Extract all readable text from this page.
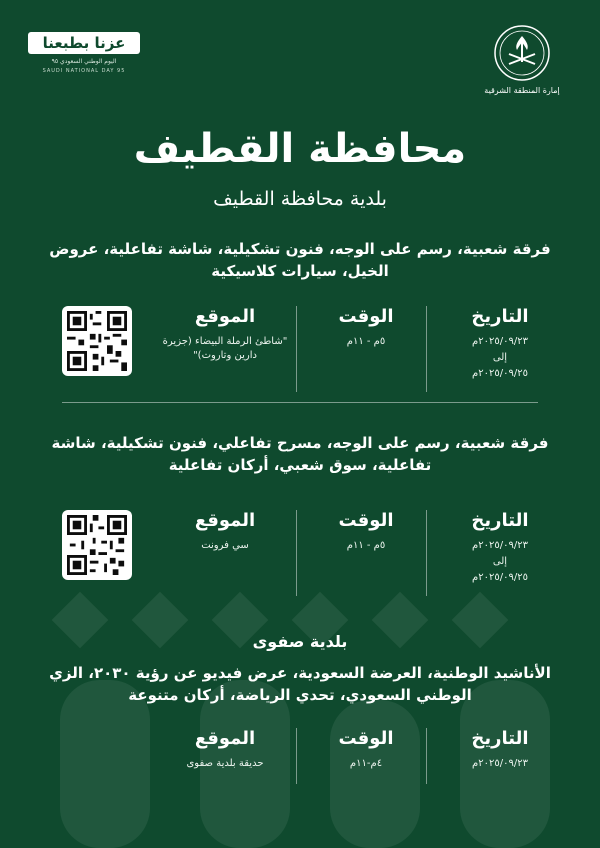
عزنا بطبعنا
اليوم الوطني السعودي ٩٥
SAUDI NATIONAL DAY 95
إمارة المنطقة الشرقية
محافظة القطيف
بلدية محافظة القطيف
فرقة شعبية، رسم على الوجه، فنون تشكيلية، شاشة تفاعلية، عروض الخيل، سيارات كلاسيكية
التاريخ
٢٠٢٥/٠٩/٢٣م
إلى
٢٠٢٥/٠٩/٢٥م
الوقت
٥م - ١١م
الموقع
"شاطئ الرملة البيضاء (جزيرة دارين وتاروت)"
فرقة شعبية، رسم على الوجه، مسرح تفاعلي، فنون تشكيلية، شاشة تفاعلية، سوق شعبي، أركان تفاعلية
التاريخ
٢٠٢٥/٠٩/٢٣م
إلى
٢٠٢٥/٠٩/٢٥م
الوقت
٥م - ١١م
الموقع
سي فرونت
بلدية صفوى
الأناشيد الوطنية، العرضة السعودية، عرض فيديو عن رؤية ٢٠٣٠، الزي الوطني السعودي، تحدي الرياضة، أركان متنوعة
التاريخ
٢٠٢٥/٠٩/٢٣م
الوقت
٤م-١١م
الموقع
حديقة بلدية صفوى
